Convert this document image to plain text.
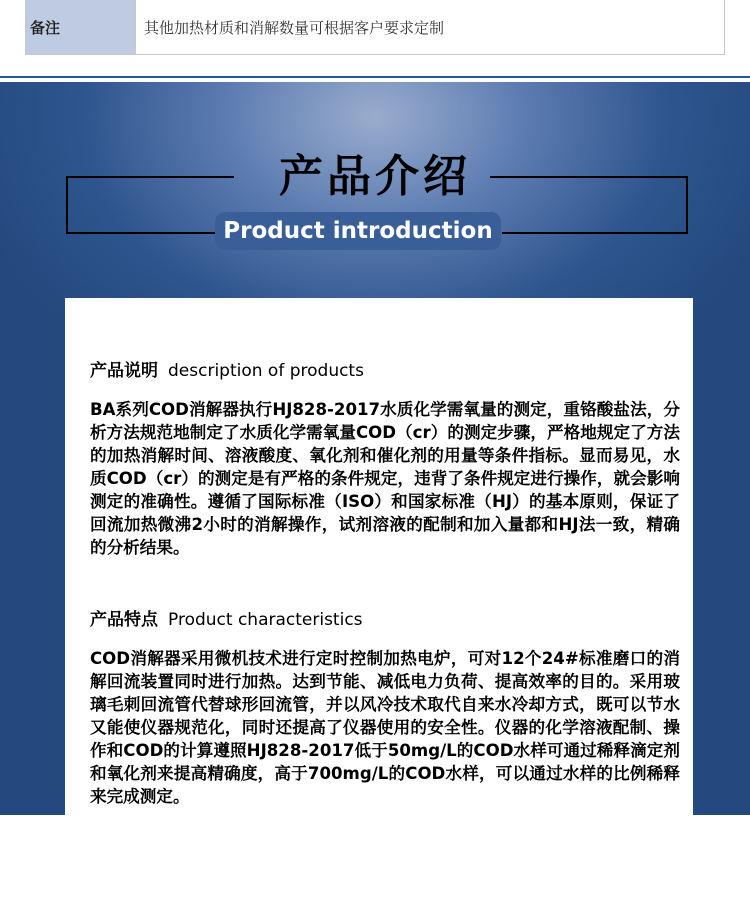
备注	其他加热材质和消解数量可根据客户要求定制
产品介绍
Product introduction
产品说明 description of products
BA系列COD消解器执行HJ828-2017水质化学需氧量的测定，重铬酸盐法，分析方法规范地制定了水质化学需氧量COD（cr）的测定步骤，严格地规定了方法的加热消解时间、溶液酸度、氧化剂和催化剂的用量等条件指标。显而易见，水质COD（cr）的测定是有严格的条件规定，违背了条件规定进行操作，就会影响测定的准确性。遵循了国际标准（ISO）和国家标准（HJ）的基本原则，保证了回流加热微沸2小时的消解操作，试剂溶液的配制和加入量都和HJ法一致，精确的分析结果。
产品特点 Product characteristics
COD消解器采用微机技术进行定时控制加热电炉，可对12个24#标准磨口的消解回流装置同时进行加热。达到节能、减低电力负荷、提高效率的目的。采用玻璃毛刺回流管代替球形回流管，并以风冷技术取代自来水冷却方式，既可以节水又能使仪器规范化，同时还提高了仪器使用的安全性。仪器的化学溶液配制、操作和COD的计算遵照HJ828-2017低于50mg/L的COD水样可通过稀释滴定剂和氧化剂来提高精确度，高于700mg/L的COD水样，可以通过水样的比例稀释来完成测定。
